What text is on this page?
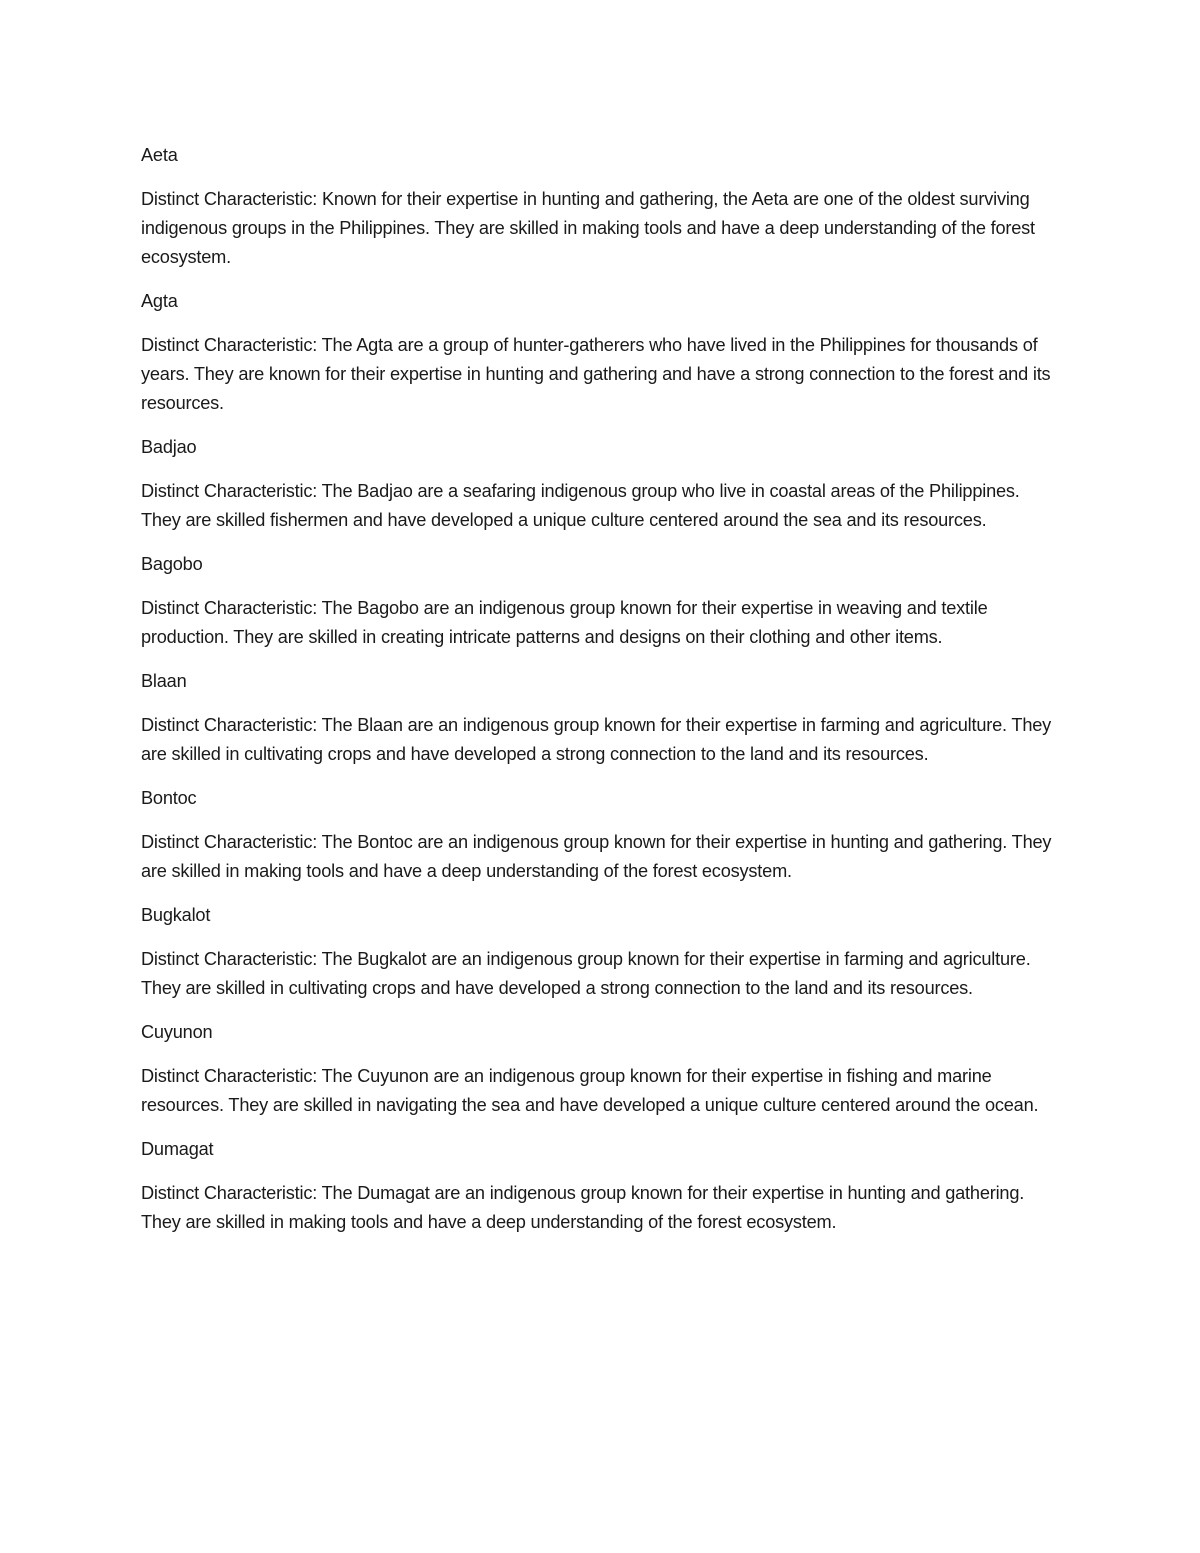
Aeta

Distinct Characteristic: Known for their expertise in hunting and gathering, the Aeta are one of the oldest surviving indigenous groups in the Philippines. They are skilled in making tools and have a deep understanding of the forest ecosystem.

Agta

Distinct Characteristic: The Agta are a group of hunter-gatherers who have lived in the Philippines for thousands of years. They are known for their expertise in hunting and gathering and have a strong connection to the forest and its resources.

Badjao

Distinct Characteristic: The Badjao are a seafaring indigenous group who live in coastal areas of the Philippines. They are skilled fishermen and have developed a unique culture centered around the sea and its resources.

Bagobo

Distinct Characteristic: The Bagobo are an indigenous group known for their expertise in weaving and textile production. They are skilled in creating intricate patterns and designs on their clothing and other items.

Blaan

Distinct Characteristic: The Blaan are an indigenous group known for their expertise in farming and agriculture. They are skilled in cultivating crops and have developed a strong connection to the land and its resources.

Bontoc

Distinct Characteristic: The Bontoc are an indigenous group known for their expertise in hunting and gathering. They are skilled in making tools and have a deep understanding of the forest ecosystem.

Bugkalot

Distinct Characteristic: The Bugkalot are an indigenous group known for their expertise in farming and agriculture. They are skilled in cultivating crops and have developed a strong connection to the land and its resources.

Cuyunon

Distinct Characteristic: The Cuyunon are an indigenous group known for their expertise in fishing and marine resources. They are skilled in navigating the sea and have developed a unique culture centered around the ocean.

Dumagat

Distinct Characteristic: The Dumagat are an indigenous group known for their expertise in hunting and gathering. They are skilled in making tools and have a deep understanding of the forest ecosystem.
